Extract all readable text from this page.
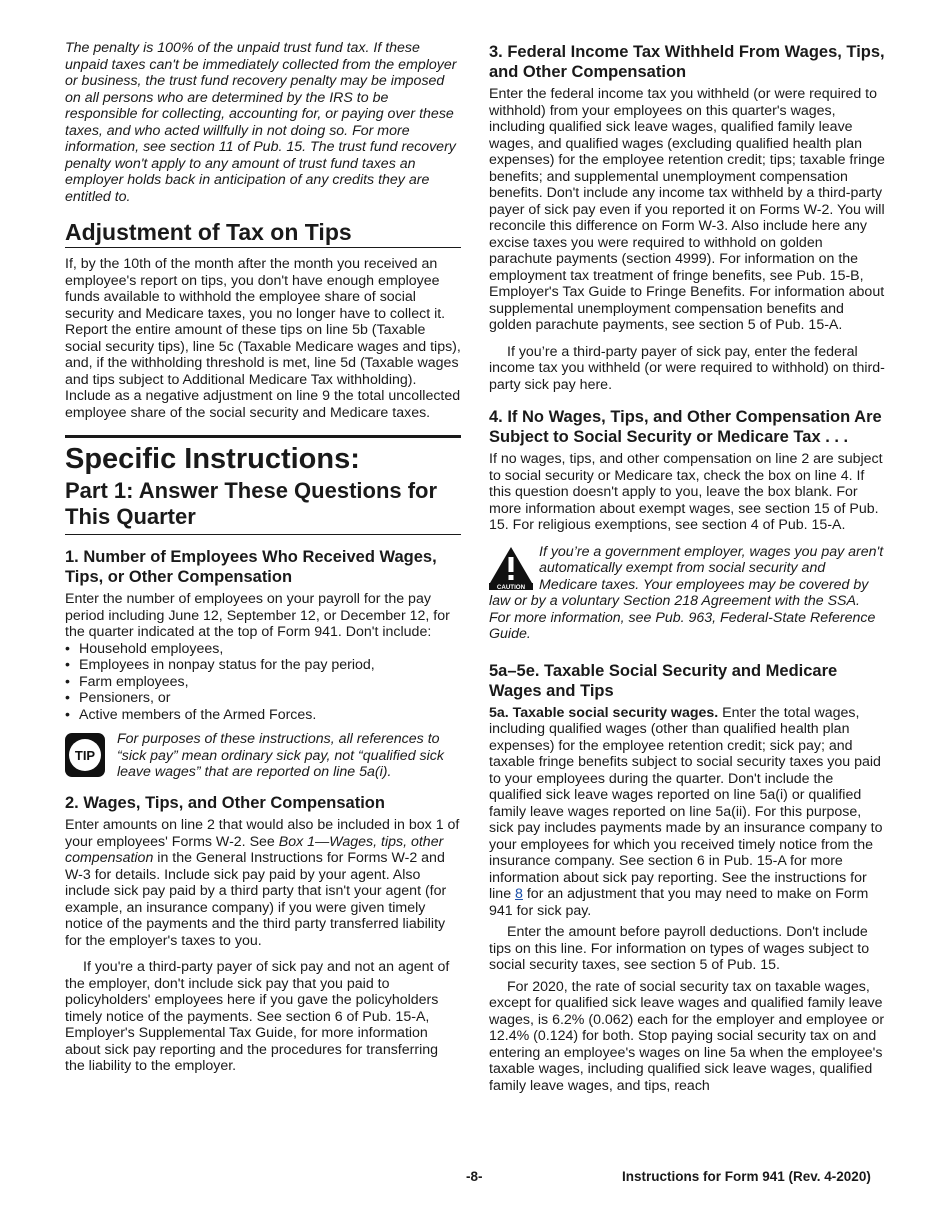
The penalty is 100% of the unpaid trust fund tax. If these unpaid taxes can't be immediately collected from the employer or business, the trust fund recovery penalty may be imposed on all persons who are determined by the IRS to be responsible for collecting, accounting for, or paying over these taxes, and who acted willfully in not doing so. For more information, see section 11 of Pub. 15. The trust fund recovery penalty won't apply to any amount of trust fund taxes an employer holds back in anticipation of any credits they are entitled to.

Adjustment of Tax on Tips

If, by the 10th of the month after the month you received an employee's report on tips, you don't have enough employee funds available to withhold the employee share of social security and Medicare taxes, you no longer have to collect it. Report the entire amount of these tips on line 5b (Taxable social security tips), line 5c (Taxable Medicare wages and tips), and, if the withholding threshold is met, line 5d (Taxable wages and tips subject to Additional Medicare Tax withholding). Include as a negative adjustment on line 9 the total uncollected employee share of the social security and Medicare taxes.

Specific Instructions:
Part 1: Answer These Questions for This Quarter
1. Number of Employees Who Received Wages, Tips, or Other Compensation

Enter the number of employees on your payroll for the pay period including June 12, September 12, or December 12, for the quarter indicated at the top of Form 941. Don't include:

• Household employees,
• Employees in nonpay status for the pay period,
• Farm employees,
• Pensioners, or
• Active members of the Armed Forces.
TIP

For purposes of these instructions, all references to “sick pay” mean ordinary sick pay, not “qualified sick leave wages” that are reported on line 5a(i).

2. Wages, Tips, and Other Compensation

Enter amounts on line 2 that would also be included in box 1 of your employees' Forms W-2. See Box 1—Wages, tips, other compensation in the General Instructions for Forms W-2 and W-3 for details. Include sick pay paid by your agent. Also include sick pay paid by a third party that isn't your agent (for example, an insurance company) if you were given timely notice of the payments and the third party transferred liability for the employer's taxes to you.

If you're a third-party payer of sick pay and not an agent of the employer, don't include sick pay that you paid to policyholders' employees here if you gave the policyholders timely notice of the payments. See section 6 of Pub. 15-A, Employer's Supplemental Tax Guide, for more information about sick pay reporting and the procedures for transferring the liability to the employer.

3. Federal Income Tax Withheld From Wages, Tips, and Other Compensation

Enter the federal income tax you withheld (or were required to withhold) from your employees on this quarter's wages, including qualified sick leave wages, qualified family leave wages, and qualified wages (excluding qualified health plan expenses) for the employee retention credit; tips; taxable fringe benefits; and supplemental unemployment compensation benefits. Don't include any income tax withheld by a third-party payer of sick pay even if you reported it on Forms W-2. You will reconcile this difference on Form W-3. Also include here any excise taxes you were required to withhold on golden parachute payments (section 4999). For information on the employment tax treatment of fringe benefits, see Pub. 15-B, Employer's Tax Guide to Fringe Benefits. For information about supplemental unemployment compensation benefits and golden parachute payments, see section 5 of Pub. 15-A.

If you’re a third-party payer of sick pay, enter the federal income tax you withheld (or were required to withhold) on third-party sick pay here.

4. If No Wages, Tips, and Other Compensation Are Subject to Social Security or Medicare Tax . . .

If no wages, tips, and other compensation on line 2 are subject to social security or Medicare tax, check the box on line 4. If this question doesn't apply to you, leave the box blank. For more information about exempt wages, see section 15 of Pub. 15. For religious exemptions, see section 4 of Pub. 15-A.

CAUTION

If you’re a government employer, wages you pay aren't automatically exempt from social security and Medicare taxes. Your employees may be covered by law or by a voluntary Section 218 Agreement with the SSA. For more information, see Pub. 963, Federal-State Reference Guide.

5a–5e. Taxable Social Security and Medicare Wages and Tips

5a. Taxable social security wages. Enter the total wages, including qualified wages (other than qualified health plan expenses) for the employee retention credit; sick pay; and taxable fringe benefits subject to social security taxes you paid to your employees during the quarter. Don't include the qualified sick leave wages reported on line 5a(i) or qualified family leave wages reported on line 5a(ii). For this purpose, sick pay includes payments made by an insurance company to your employees for which you received timely notice from the insurance company. See section 6 in Pub. 15-A for more information about sick pay reporting. See the instructions for line 8 for an adjustment that you may need to make on Form 941 for sick pay.

Enter the amount before payroll deductions. Don't include tips on this line. For information on types of wages subject to social security taxes, see section 5 of Pub. 15.

For 2020, the rate of social security tax on taxable wages, except for qualified sick leave wages and qualified family leave wages, is 6.2% (0.062) each for the employer and employee or 12.4% (0.124) for both. Stop paying social security tax on and entering an employee's wages on line 5a when the employee's taxable wages, including qualified sick leave wages, qualified family leave wages, and tips, reach

-8-	Instructions for Form 941 (Rev. 4-2020)
